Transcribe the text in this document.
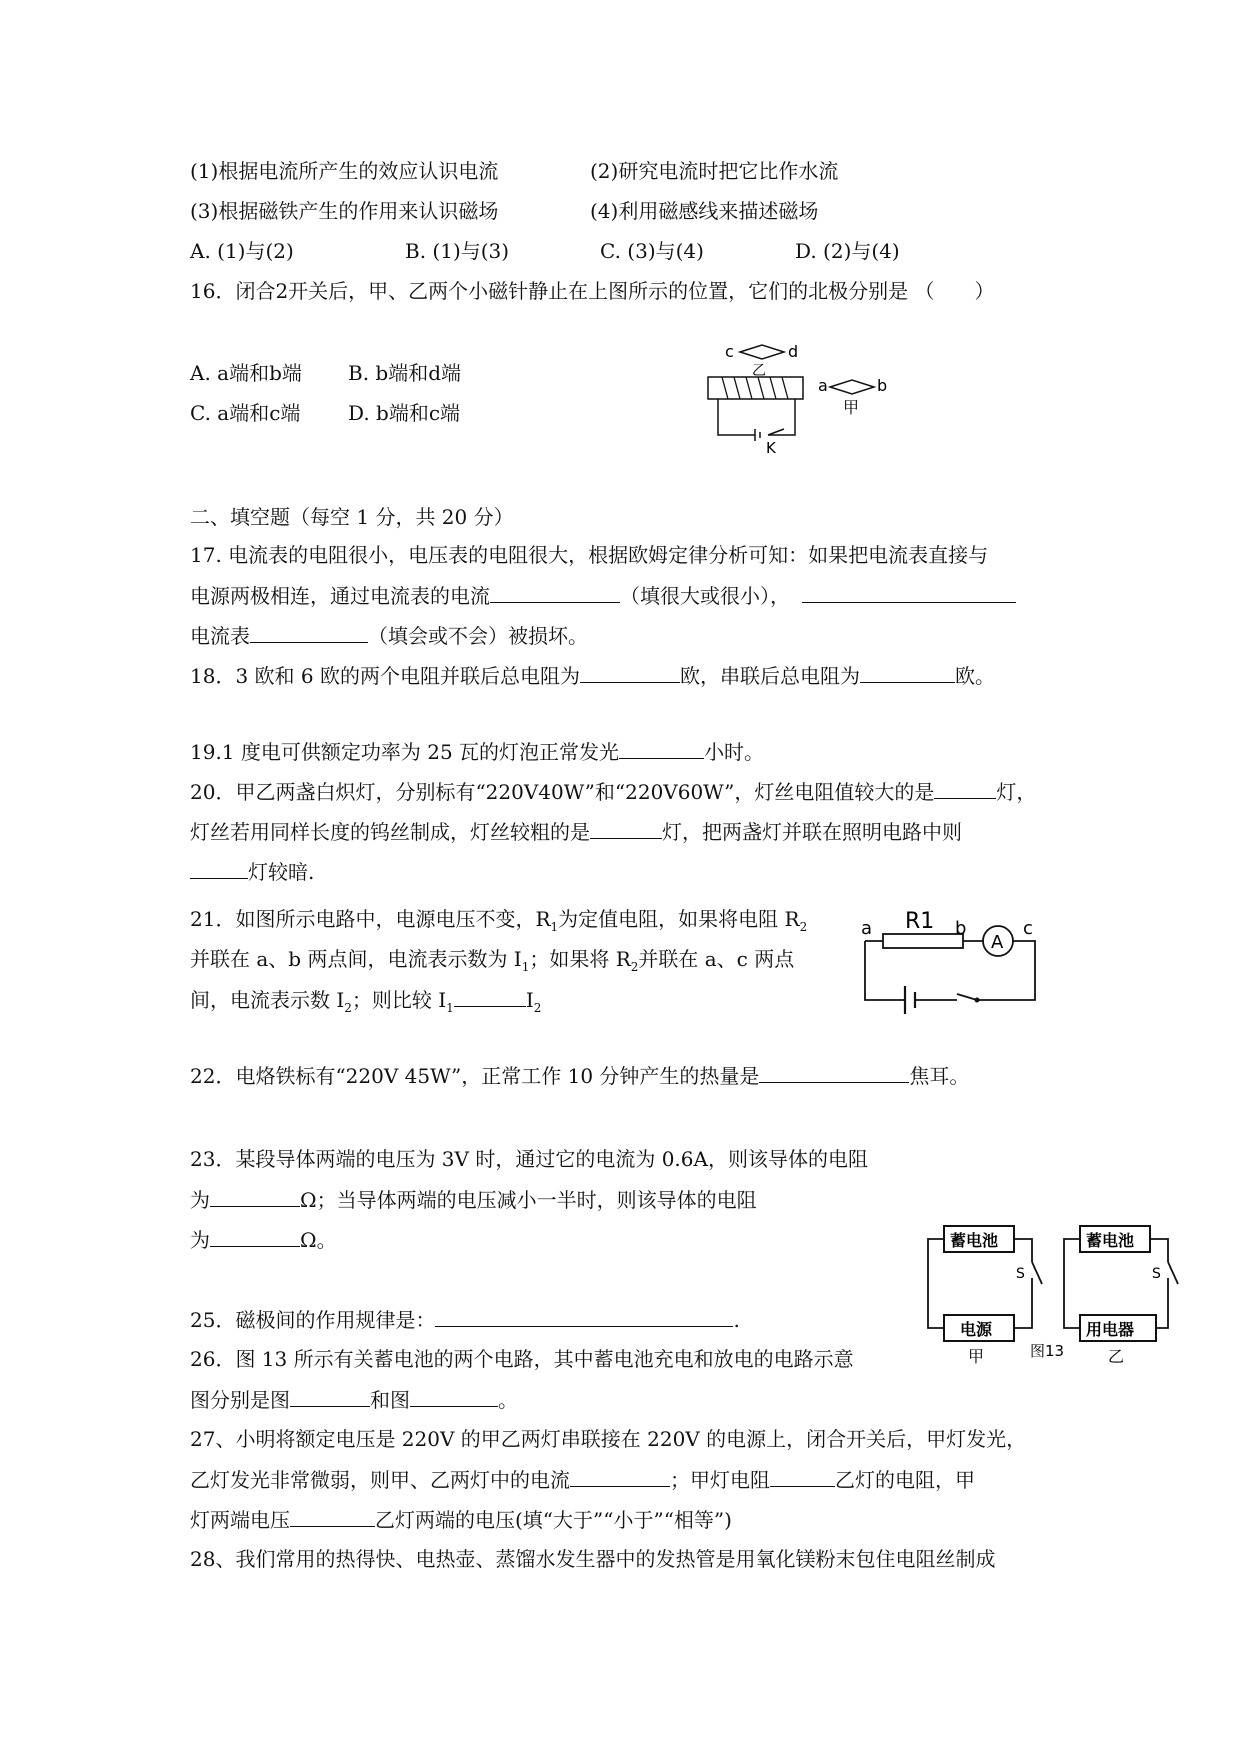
(1)根据电流所产生的效应认识电流	(2)研究电流时把它比作水流
(3)根据磁铁产生的作用来认识磁场	(4)利用磁感线来描述磁场
A. (1)与(2)	B. (1)与(3)	C. (3)与(4)	D. (2)与(4)
16．闭合2开关后，甲、乙两个小磁针静止在上图所示的位置，它们的北极分别是 （　　）
A. a端和b端 B. b端和d端
C. a端和c端 D. b端和c端
c	d
乙
K
a	b
甲
二、填空题（每空 1 分，共 20 分）
17. 电流表的电阻很小，电压表的电阻很大，根据欧姆定律分析可知：如果把电流表直接与
电源两极相连，通过电流表的电流	（填很大或很小），
电流表	（填会或不会）被损坏。
18．3 欧和 6 欧的两个电阻并联后总电阻为	欧，串联后总电阻为	欧。
19.1 度电可供额定功率为 25 瓦的灯泡正常发光	小时。
20．甲乙两盏白炽灯，分别标有“220V40W”和“220V60W”，灯丝电阻值较大的是	灯，
灯丝若用同样长度的钨丝制成，灯丝较粗的是	灯，把两盏灯并联在照明电路中则
灯较暗.
21．如图所示电路中，电源电压不变，$R_1$为定值电阻，如果将电阻 $R_2$
并联在 a、b 两点间，电流表示数为 $I_1$；如果将 $R_2$并联在 a、c 两点
间，电流表示数 $I_2$；则比较 $I_1$	$I_2$
a R1 b
A
c
22．电烙铁标有“220V 45W”，正常工作 10 分钟产生的热量是	焦耳。
23．某段导体两端的电压为 3V 时，通过它的电流为 0.6A，则该导体的电阻
为	Ω；当导体两端的电压减小一半时，则该导体的电阻
为	Ω。	蓄电池
电源
S
甲	图13
蓄电池
用电器
S
乙
25．磁极间的作用规律是：	.
26．图 13 所示有关蓄电池的两个电路，其中蓄电池充电和放电的电路示意
图分别是图	和图	。
27、小明将额定电压是 220V 的甲乙两灯串联接在 220V 的电源上，闭合开关后，甲灯发光，
乙灯发光非常微弱，则甲、乙两灯中的电流	；甲灯电阻	乙灯的电阻，甲
灯两端电压	乙灯两端的电压(填“大于”“小于”“相等”)
28、我们常用的热得快、电热壶、蒸馏水发生器中的发热管是用氧化镁粉末包住电阻丝制成
